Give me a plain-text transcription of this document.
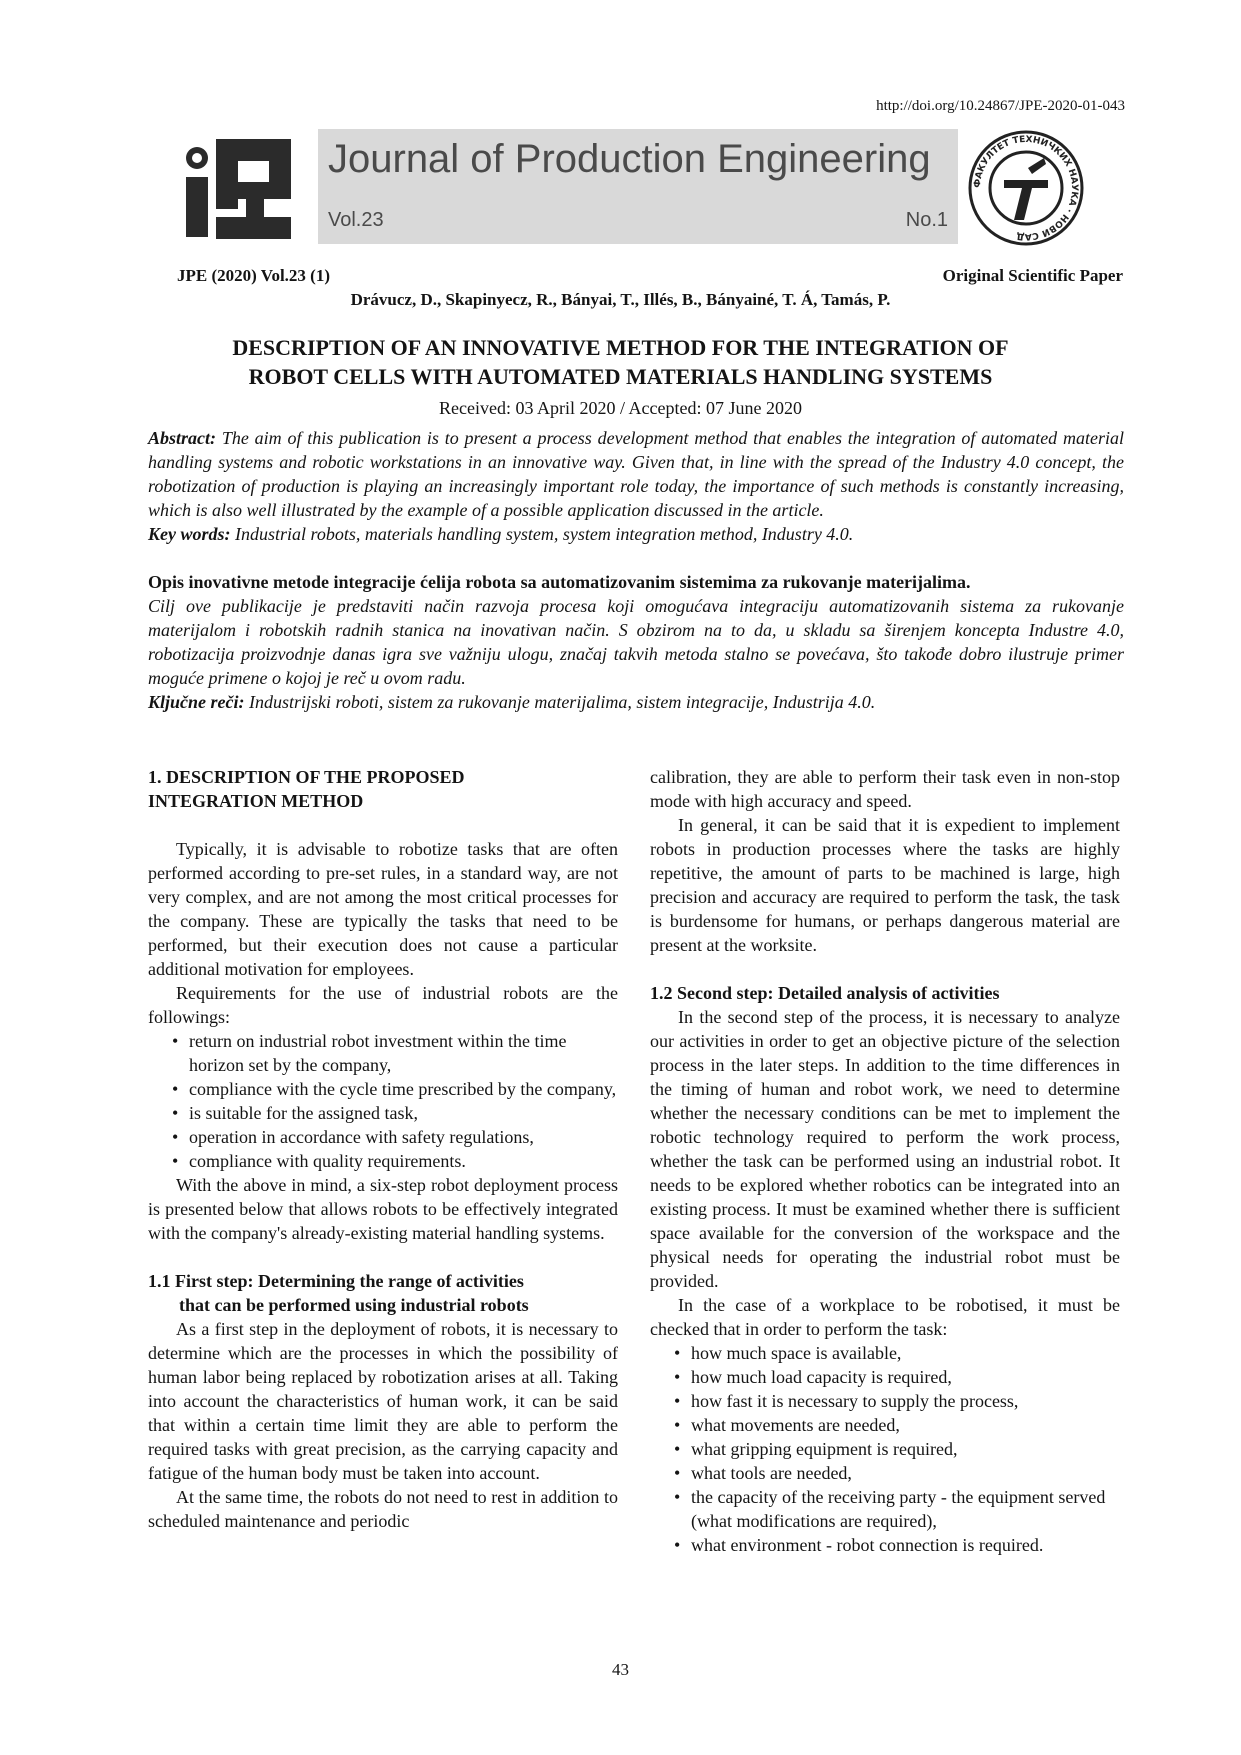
http://doi.org/10.24867/JPE-2020-01-043
Journal of Production Engineering
Vol.23	No.1
ФАКУЛТЕТ ТЕХНИЧКИХ НАУКА · НОВИ САД
JPE (2020) Vol.23 (1)	Original Scientific Paper
Drávucz, D., Skapinyecz, R., Bányai, T., Illés, B., Bányainé, T. Á, Tamás, P.
DESCRIPTION OF AN INNOVATIVE METHOD FOR THE INTEGRATION OF
ROBOT CELLS WITH AUTOMATED MATERIALS HANDLING SYSTEMS
Received: 03 April 2020 / Accepted: 07 June 2020
Abstract: The aim of this publication is to present a process development method that enables the integration of automated material handling systems and robotic workstations in an innovative way. Given that, in line with the spread of the Industry 4.0 concept, the robotization of production is playing an increasingly important role today, the importance of such methods is constantly increasing, which is also well illustrated by the example of a possible application discussed in the article.
Key words: Industrial robots, materials handling system, system integration method, Industry 4.0.
Opis inovativne metode integracije ćelija robota sa automatizovanim sistemima za rukovanje materijalima.
Cilj ove publikacije je predstaviti način razvoja procesa koji omogućava integraciju automatizovanih sistema za rukovanje materijalom i robotskih radnih stanica na inovativan način. S obzirom na to da, u skladu sa širenjem koncepta Industre 4.0, robotizacija proizvodnje danas igra sve važniju ulogu, značaj takvih metoda stalno se povećava, što takođe dobro ilustruje primer moguće primene o kojoj je reč u ovom radu.
Ključne reči: Industrijski roboti, sistem za rukovanje materijalima, sistem integracije, Industrija 4.0.
1. DESCRIPTION OF THE PROPOSED
INTEGRATION METHOD

Typically, it is advisable to robotize tasks that are often performed according to pre-set rules, in a standard way, are not very complex, and are not among the most critical processes for the company. These are typically the tasks that need to be performed, but their execution does not cause a particular additional motivation for employees.

Requirements for the use of industrial robots are the followings:

• return on industrial robot investment within the time horizon set by the company,
• compliance with the cycle time prescribed by the company,
• is suitable for the assigned task,
• operation in accordance with safety regulations,
• compliance with quality requirements.

With the above in mind, a six-step robot deployment process is presented below that allows robots to be effectively integrated with the company's already-existing material handling systems.

1.1 First step: Determining the range of activities
that can be performed using industrial robots

As a first step in the deployment of robots, it is necessary to determine which are the processes in which the possibility of human labor being replaced by robotization arises at all. Taking into account the characteristics of human work, it can be said that within a certain time limit they are able to perform the required tasks with great precision, as the carrying capacity and fatigue of the human body must be taken into account.

At the same time, the robots do not need to rest in addition to scheduled maintenance and periodic

calibration, they are able to perform their task even in non-stop mode with high accuracy and speed.

In general, it can be said that it is expedient to implement robots in production processes where the tasks are highly repetitive, the amount of parts to be machined is large, high precision and accuracy are required to perform the task, the task is burdensome for humans, or perhaps dangerous material are present at the worksite.

1.2 Second step: Detailed analysis of activities

In the second step of the process, it is necessary to analyze our activities in order to get an objective picture of the selection process in the later steps. In addition to the time differences in the timing of human and robot work, we need to determine whether the necessary conditions can be met to implement the robotic technology required to perform the work process, whether the task can be performed using an industrial robot. It needs to be explored whether robotics can be integrated into an existing process. It must be examined whether there is sufficient space available for the conversion of the workspace and the physical needs for operating the industrial robot must be provided.

In the case of a workplace to be robotised, it must be checked that in order to perform the task:

• how much space is available,
• how much load capacity is required,
• how fast it is necessary to supply the process,
• what movements are needed,
• what gripping equipment is required,
• what tools are needed,
• the capacity of the receiving party - the equipment served (what modifications are required),
• what environment - robot connection is required.
43
